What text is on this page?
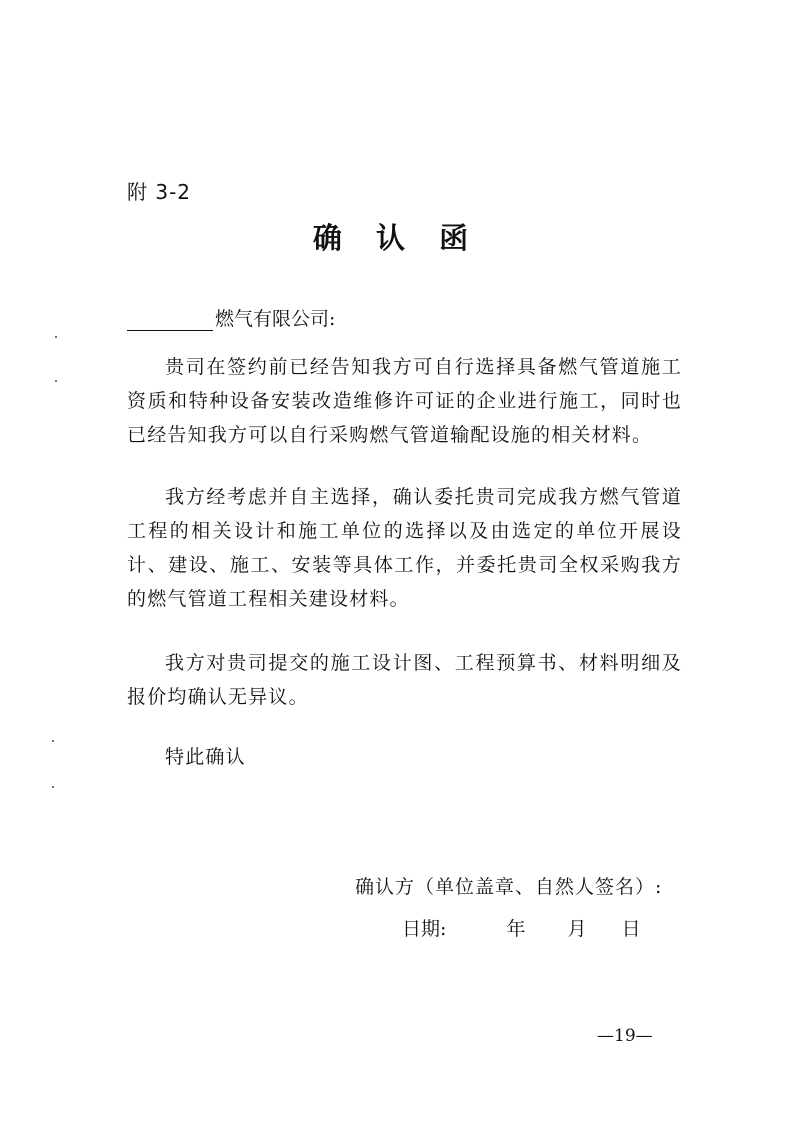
附 3-2
确 认 函
燃气有限公司:

贵司在签约前已经告知我方可自行选择具备燃气管道施工资质和特种设备安装改造维修许可证的企业进行施工，同时也已经告知我方可以自行采购燃气管道输配设施的相关材料。

我方经考虑并自主选择，确认委托贵司完成我方燃气管道工程的相关设计和施工单位的选择以及由选定的单位开展设计、建设、施工、安装等具体工作，并委托贵司全权采购我方的燃气管道工程相关建设材料。

我方对贵司提交的施工设计图、工程预算书、材料明细及报价均确认无异议。

特此确认

确认方（单位盖章、自然人签名）:
日期:	年 月 日
—19—
